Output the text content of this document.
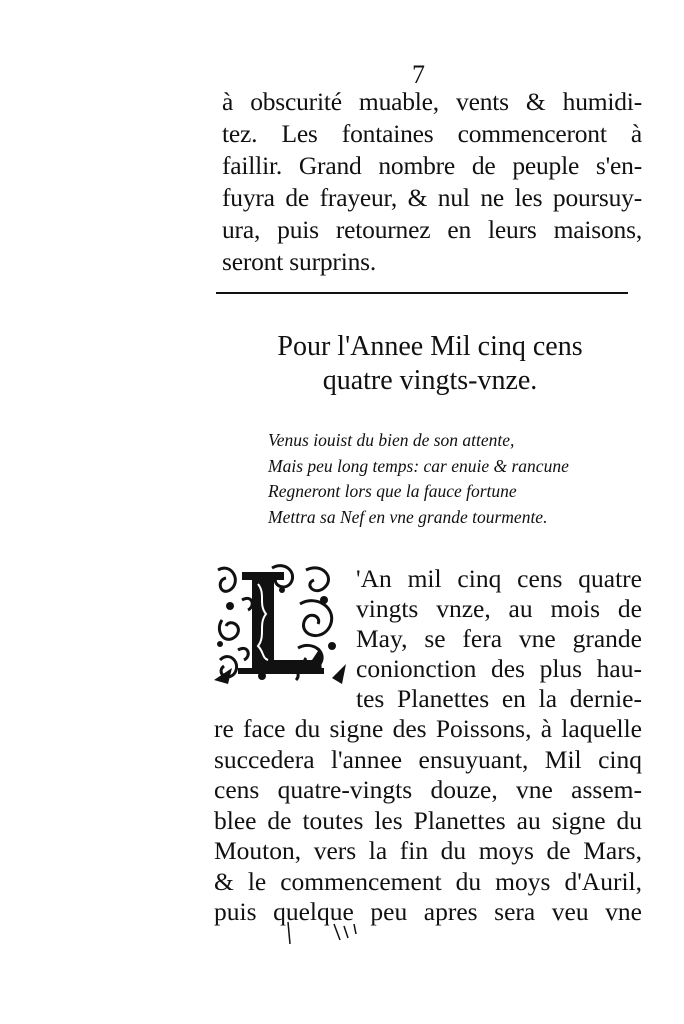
7
à obscurité muable, vents & humidi-
tez. Les fontaines commenceront à
faillir. Grand nombre de peuple s'en-
fuyra de frayeur, & nul ne les poursuy-
ura, puis retournez en leurs maisons,
seront surprins.
Pour l'Annee Mil cinq cens
quatre vingts-vnze.
Venus iouist du bien de son attente,
Mais peu long temps: car enuie & rancune
Regneront lors que la fauce fortune
Mettra sa Nef en vne grande tourmente.
'An mil cinq cens quatre
vingts vnze, au mois de
May, se fera vne grande
conionction des plus hau-
tes Planettes en la dernie-
re face du signe des Poissons, à laquelle
succedera l'annee ensuyuant, Mil cinq
cens quatre-vingts douze, vne assem-
blee de toutes les Planettes au signe du
Mouton, vers la fin du moys de Mars,
& le commencement du moys d'Auril,
puis quelque peu apres sera veu vne
